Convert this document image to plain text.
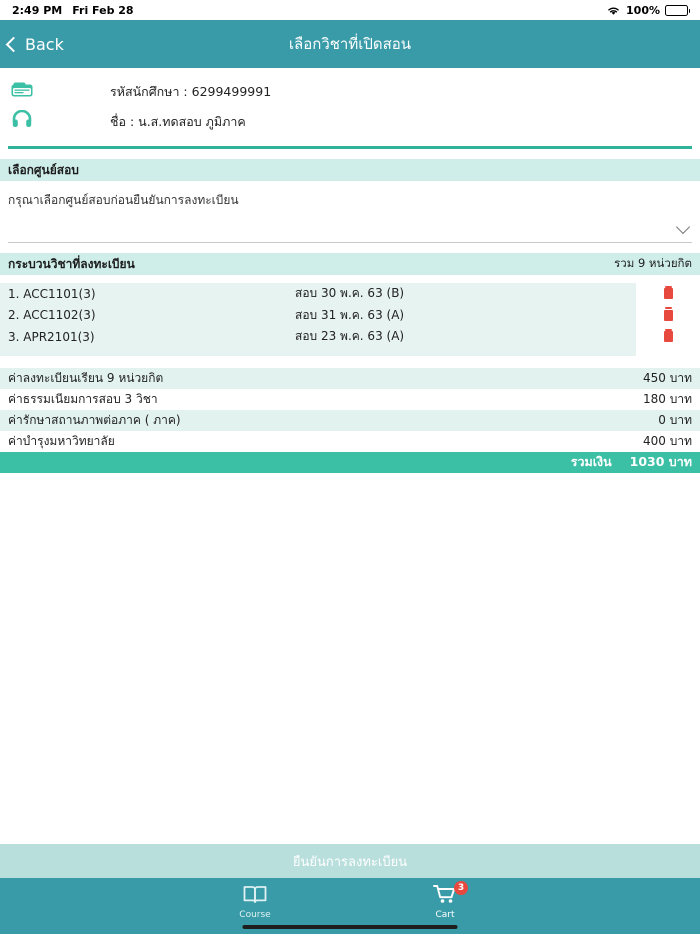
2:49 PM Fri Feb 28	100%
Back	เลือกวิชาที่เปิดสอน
รหัสนักศึกษา : 6299499991
ชื่อ : น.ส.ทดสอบ ภูมิภาค
เลือกศูนย์สอบ
กรุณาเลือกศูนย์สอบก่อนยืนยันการลงทะเบียน
กระบวนวิชาที่ลงทะเบียน	รวม 9 หน่วยกิต
1. ACC1101(3)	สอบ 30 พ.ค. 63 (B)
2. ACC1102(3)	สอบ 31 พ.ค. 63 (A)
3. APR2101(3)	สอบ 23 พ.ค. 63 (A)
ค่าลงทะเบียนเรียน 9 หน่วยกิต	450 บาท
ค่าธรรมเนียมการสอบ 3 วิชา	180 บาท
ค่ารักษาสถานภาพต่อภาค ( ภาค)	0 บาท
ค่าบำรุงมหาวิทยาลัย	400 บาท
รวมเงิน 1030 บาท
ยืนยันการลงทะเบียน
Course
3
Cart
